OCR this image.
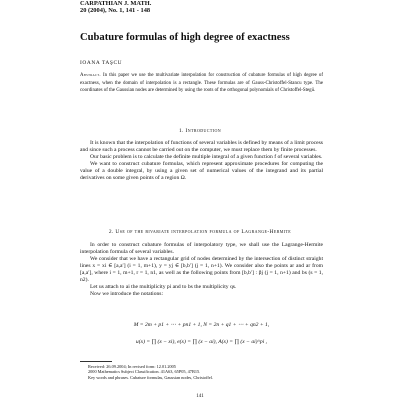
CARPATHIAN J. MATH.
20 (2004), No. 1, 141 - 148
Cubature formulas of high degree of exactness
IOANA TAŞCU
Abstract. In this paper we use the multivariate interpolation for construction of cubature formulas of high degree of exactness, when the domain of interpolation is a rectangle. These formulas are of Gauss-Christoffel-Stancu type. The coordinates of the Gaussian nodes are determined by using the roots of the orthogonal polynomials of Christoffel-Stegü.
1. Introduction

It is known that the interpolation of functions of several variables is defined by means of a limit process and since such a process cannot be carried out on the computer, we must replace them by finite processes.

Our basic problem is to calculate the definite multiple integral of a given function f of several variables.

We want to construct cubature formulas, which represent approximate procedures for computing the value of a double integral, by using a given set of numerical values of the integrand and its partial derivatives on some given points of a region Ω.

2. Use of the bivariate interpolation formula of Lagrange-Hermite

In order to construct cubature formulas of interpolatory type, we shall use the Lagrange-Hermite interpolation formula of several variables.

We consider that we have a rectangular grid of nodes determined by the intersection of distinct straight lines x = xi ∈ [a,a′] (i = 1, m+1), y = yj ∈ [b,b′] (j = 1, n+1). We consider also the points ar and ar from [a,a′], where i = 1, m+1, r = 1, n1, as well as the following points from [b,b′] : βj (j = 1, n+1) and bs (s = 1, n2).

Let us attach to ai the multiplicity pi and to bs the multiplicity qs.

Now we introduce the notations:

M = 2m + p1 + ⋯ + pn1 + 1, N = 2n + q1 + ⋯ + qn2 + 1,
u(x) = ∏ (x − xi), e(x) = ∏ (x − ai), A(x) = ∏ (x − ai)^pi ,
Received: 26.09.2004; In revised form: 12.01.2005
2000 Mathematics Subject Classification. 41A63, 65P05, 47B15.
Key words and phrases. Cubature formulas, Gaussian nodes, Christoffel.
141
